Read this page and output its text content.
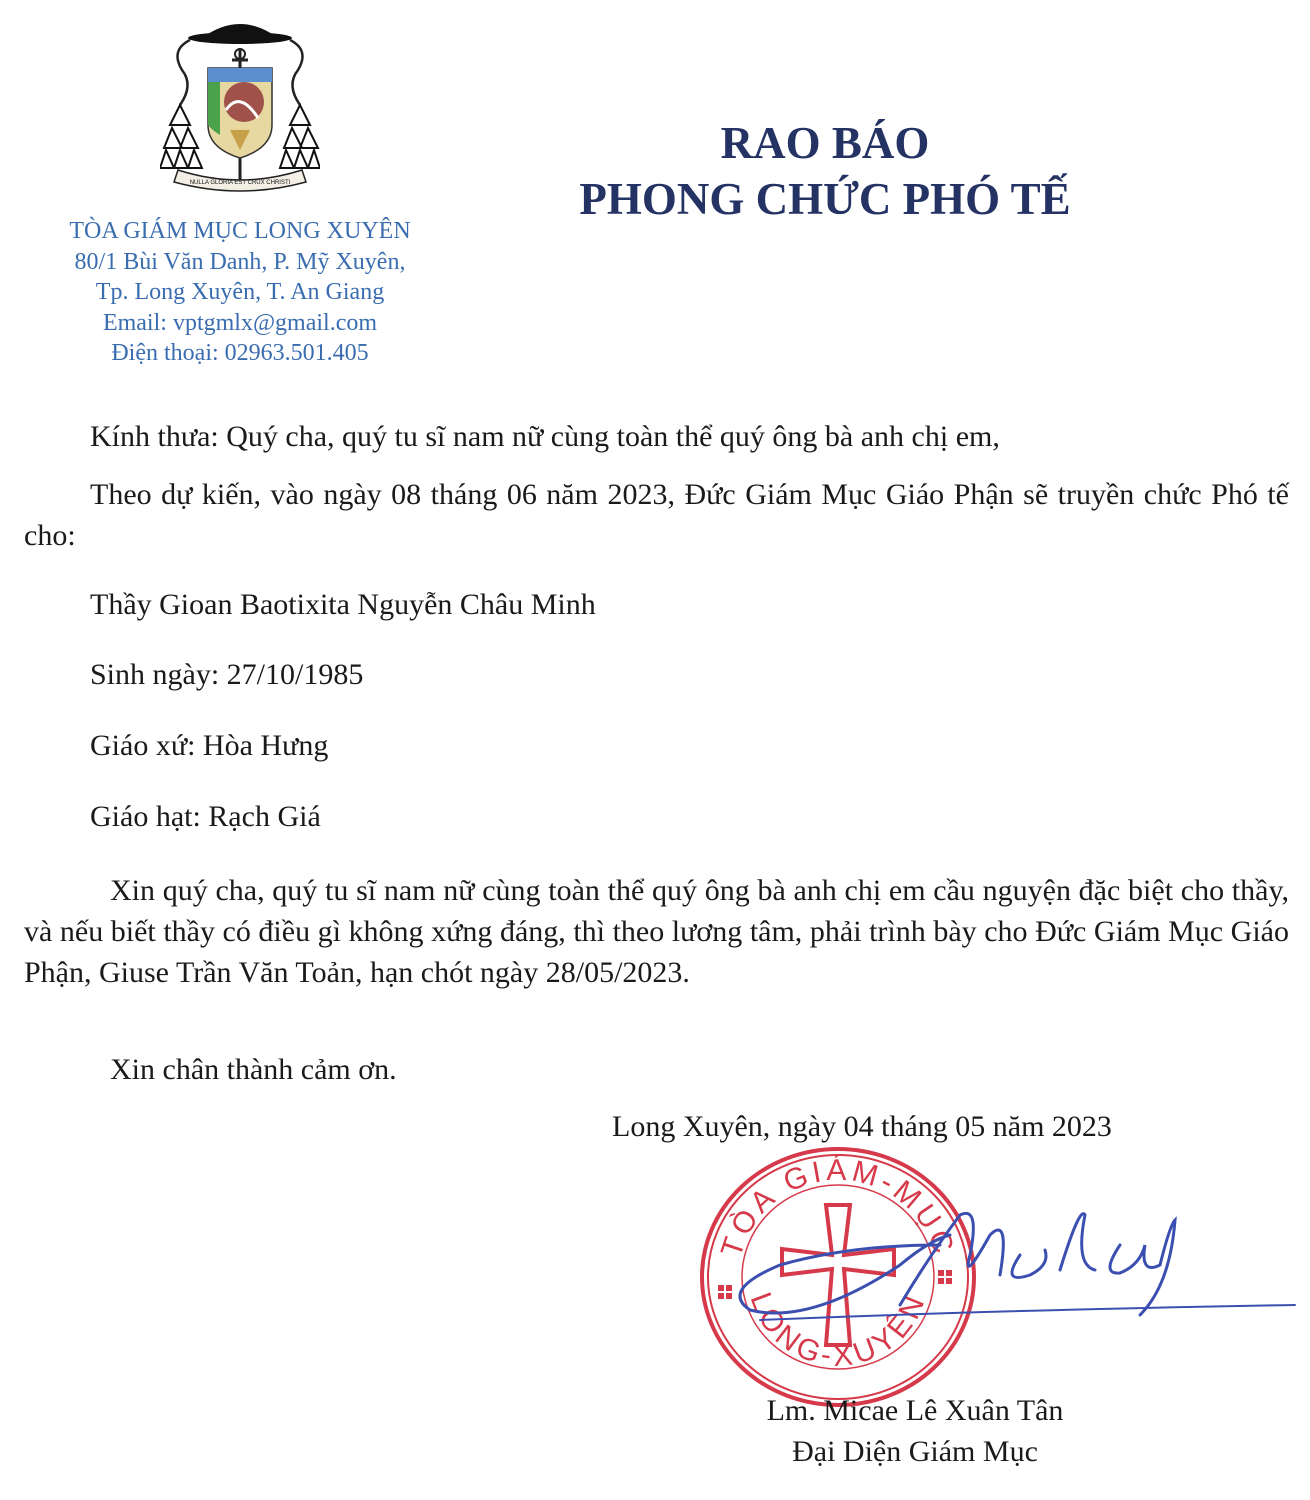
NULLA GLORIA EST CRUX CHRISTI
TÒA GIÁM MỤC LONG XUYÊN
80/1 Bùi Văn Danh, P. Mỹ Xuyên,
Tp. Long Xuyên, T. An Giang
Email: vptgmlx@gmail.com
Điện thoại: 02963.501.405
RAO BÁO
PHONG CHỨC PHÓ TẾ
Kính thưa: Quý cha, quý tu sĩ nam nữ cùng toàn thể quý ông bà anh chị em,
Theo dự kiến, vào ngày 08 tháng 06 năm 2023, Đức Giám Mục Giáo Phận sẽ truyền chức Phó tế cho:
Thầy Gioan Baotixita Nguyễn Châu Minh
Sinh ngày: 27/10/1985
Giáo xứ: Hòa Hưng
Giáo hạt: Rạch Giá
Xin quý cha, quý tu sĩ nam nữ cùng toàn thể quý ông bà anh chị em cầu nguyện đặc biệt cho thầy, và nếu biết thầy có điều gì không xứng đáng, thì theo lương tâm, phải trình bày cho Đức Giám Mục Giáo Phận, Giuse Trần Văn Toản, hạn chót ngày 28/05/2023.
Xin chân thành cảm ơn.
Long Xuyên, ngày 04 tháng 05 năm 2023
TÒA GIÁM-MỤC
LONG-XUYÊN
Lm. Micae Lê Xuân Tân
Đại Diện Giám Mục
